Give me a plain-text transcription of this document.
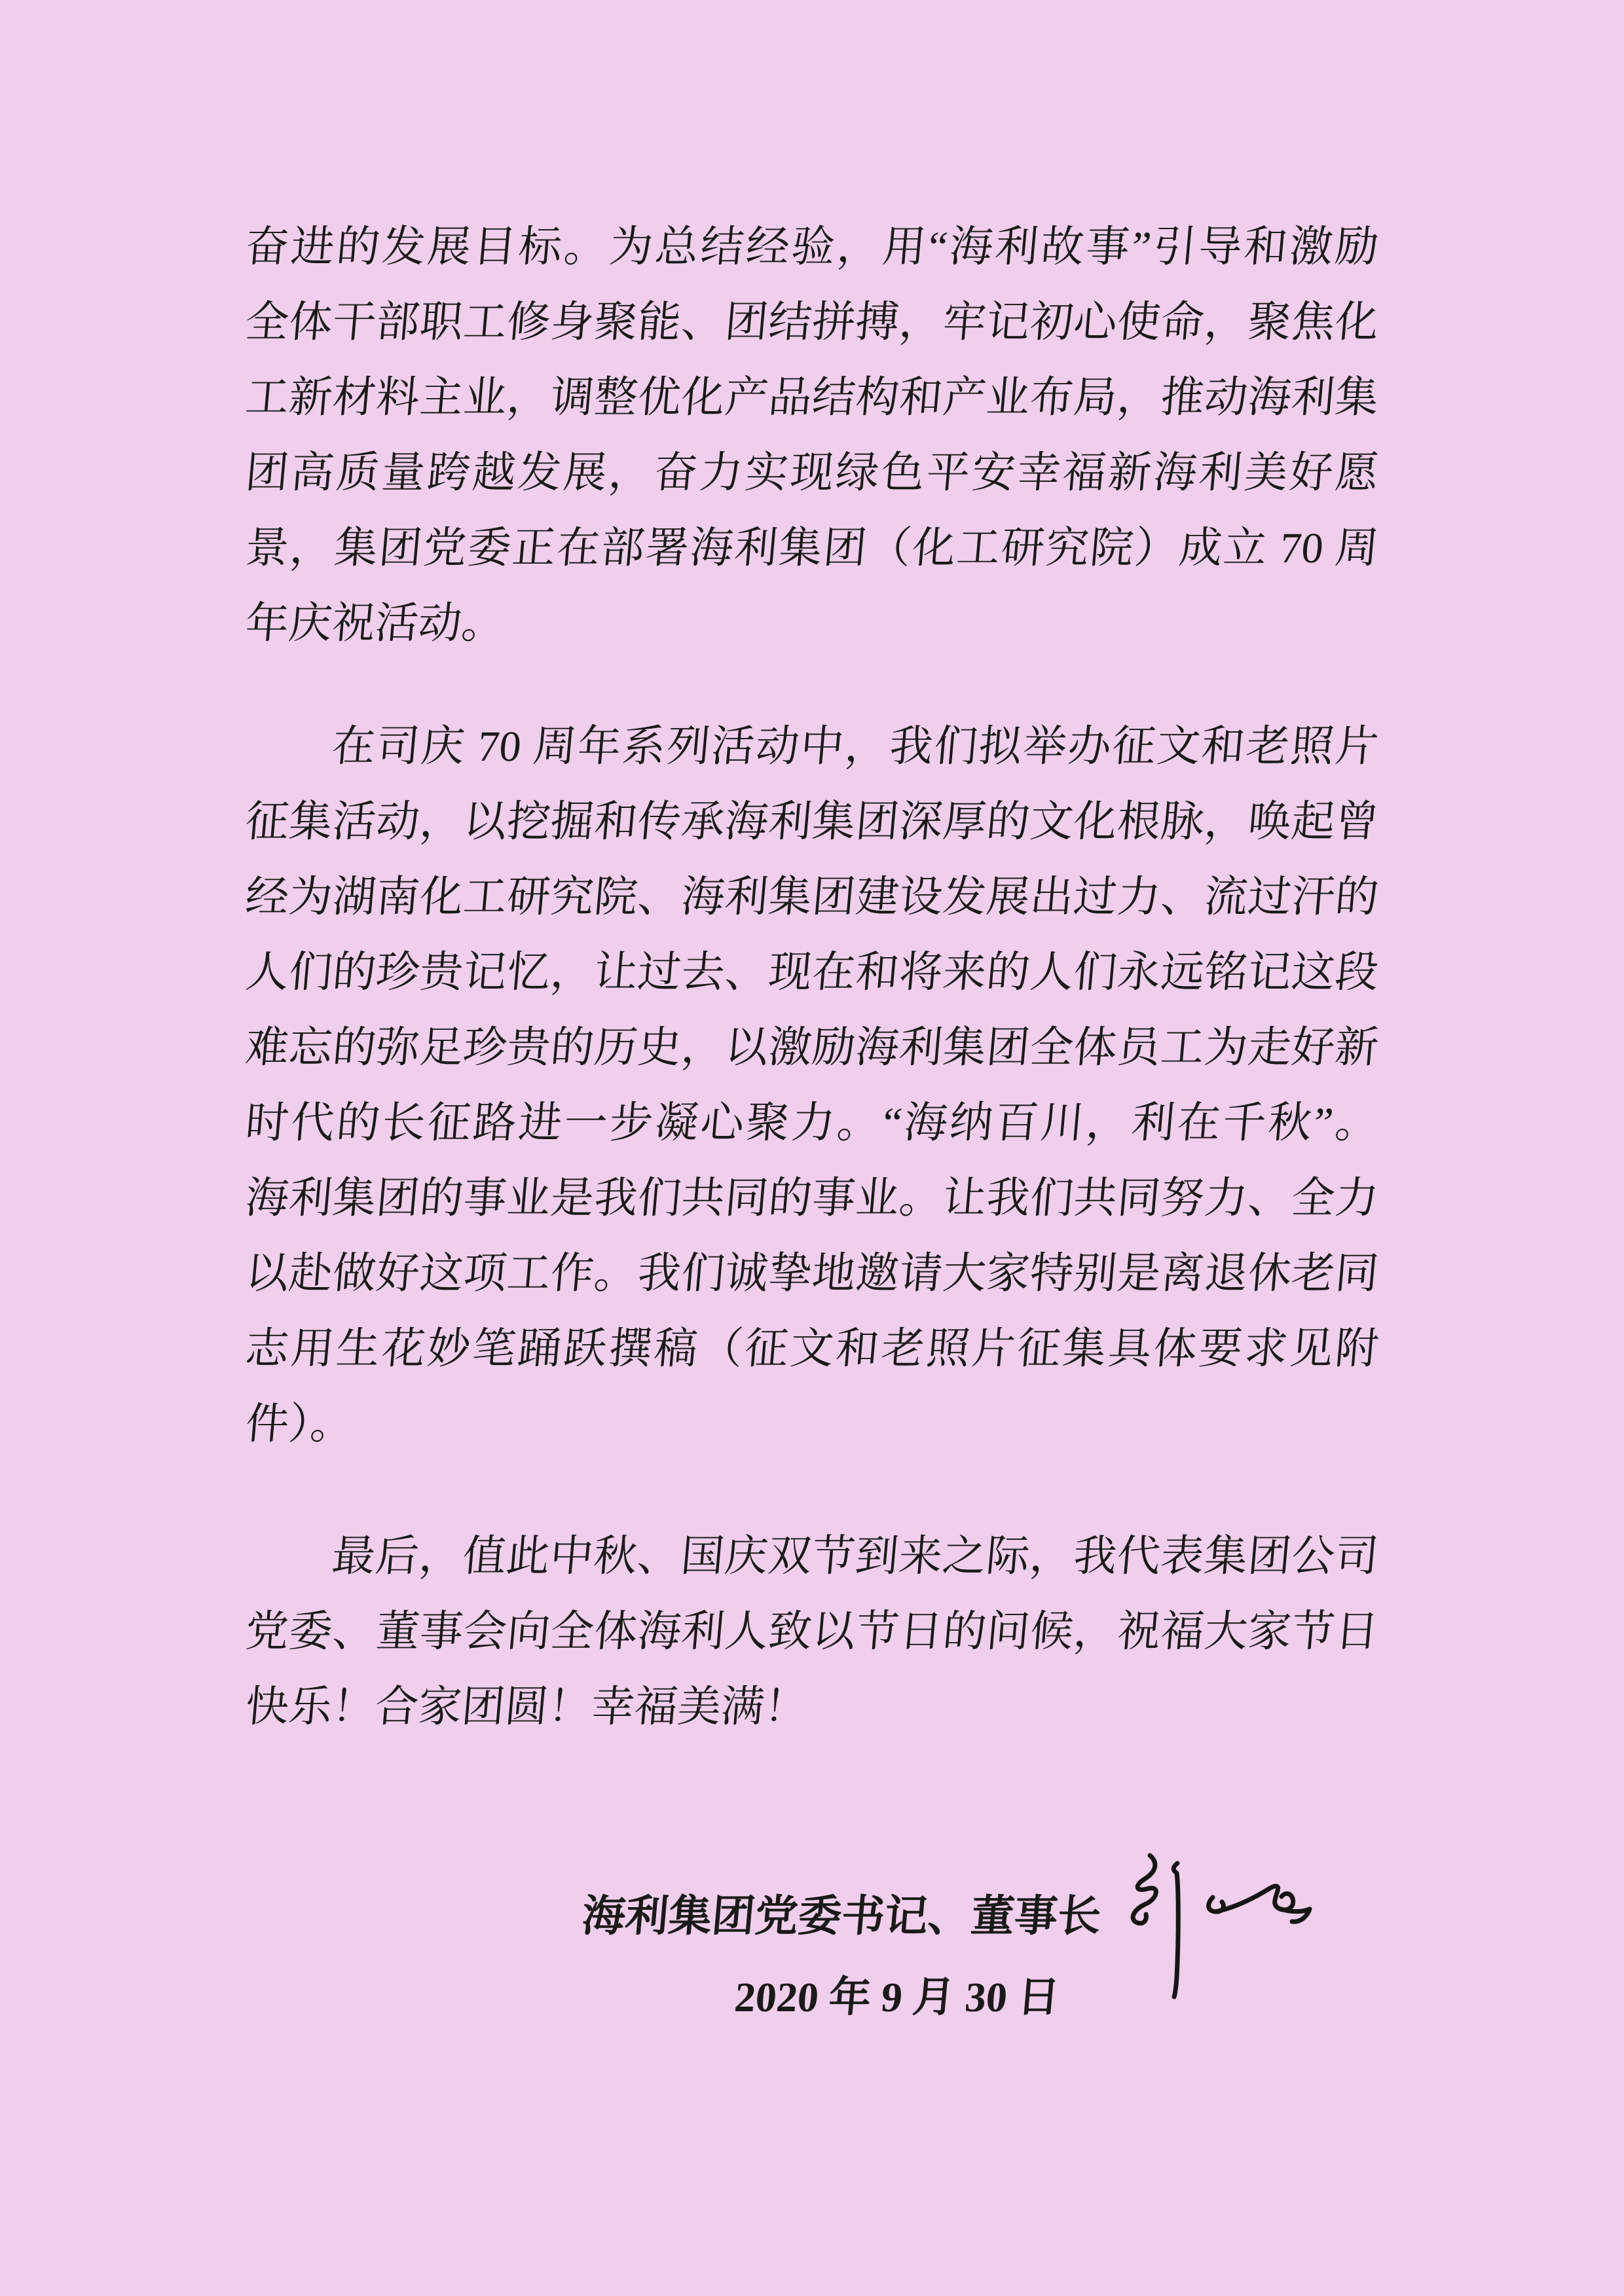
奋进的发展目标。为总结经验，用“海利故事”引导和激励
全体干部职工修身聚能、团结拼搏，牢记初心使命，聚焦化
工新材料主业，调整优化产品结构和产业布局，推动海利集
团高质量跨越发展，奋力实现绿色平安幸福新海利美好愿
景，集团党委正在部署海利集团（化工研究院）成立 70 周
年庆祝活动。
在司庆 70 周年系列活动中，我们拟举办征文和老照片
征集活动，以挖掘和传承海利集团深厚的文化根脉，唤起曾
经为湖南化工研究院、海利集团建设发展出过力、流过汗的
人们的珍贵记忆，让过去、现在和将来的人们永远铭记这段
难忘的弥足珍贵的历史，以激励海利集团全体员工为走好新
时代的长征路进一步凝心聚力。“海纳百川，利在千秋”。
海利集团的事业是我们共同的事业。让我们共同努力、全力
以赴做好这项工作。我们诚挚地邀请大家特别是离退休老同
志用生花妙笔踊跃撰稿（征文和老照片征集具体要求见附
件）。
最后，值此中秋、国庆双节到来之际，我代表集团公司
党委、董事会向全体海利人致以节日的问候，祝福大家节日
快乐！合家团圆！幸福美满！
海利集团党委书记、董事长
2020 年 9 月 30 日
